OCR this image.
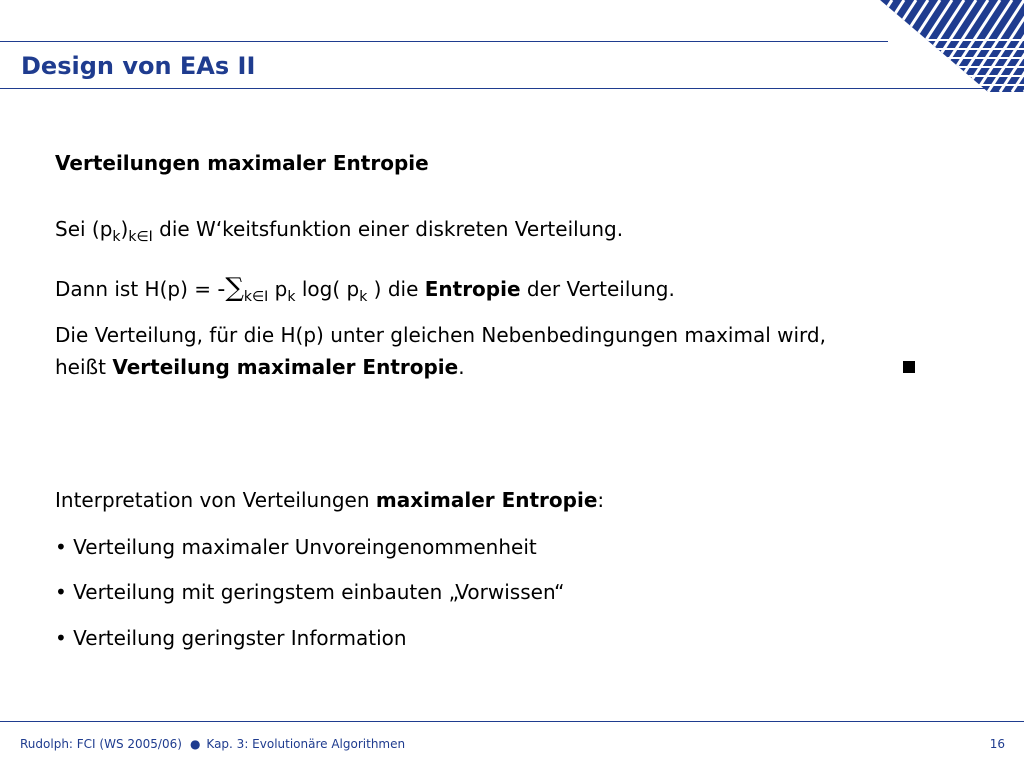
Design von EAs II
Verteilungen maximaler Entropie
Sei $(p_k)_{k\in I}$ die W‘keitsfunktion einer diskreten Verteilung.
Dann ist $H(p) = -\sum_{k\in I}$ $p_k$ log( $p_k$ ) die Entropie der Verteilung.
Die Verteilung, für die H(p) unter gleichen Nebenbedingungen maximal wird,
heißt Verteilung maximaler Entropie.
Interpretation von Verteilungen maximaler Entropie:
• Verteilung maximaler Unvoreingenommenheit
• Verteilung mit geringstem einbauten „Vorwissen“
• Verteilung geringster Information
Rudolph: FCI (WS 2005/06) ● Kap. 3: Evolutionäre Algorithmen	16
